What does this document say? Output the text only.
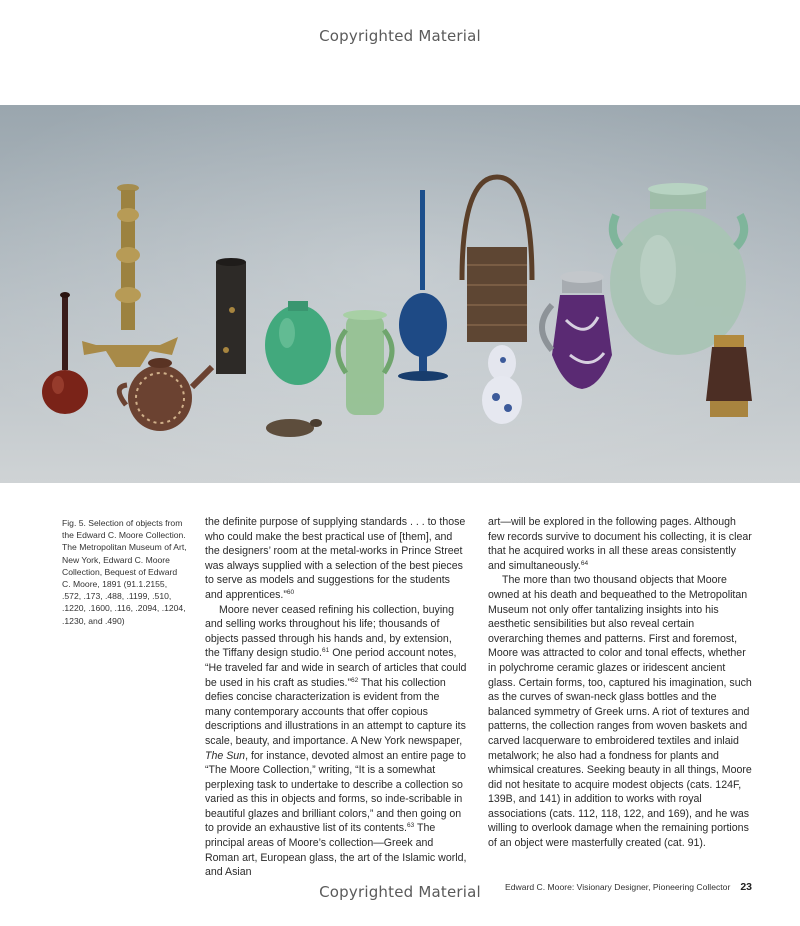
Copyrighted Material
Fig. 5. Selection of objects from the Edward C. Moore Collection. The Metropolitan Museum of Art, New York, Edward C. Moore Collection, Bequest of Edward C. Moore, 1891 (91.1.2155, .572, .173, .488, .1199, .510, .1220, .1600, .116, .2094, .1204, .1230, and .490)

the definite purpose of supplying standards . . . to those who could make the best practical use of [them], and the designers’ room at the metal-works in Prince Street was always supplied with a selection of the best pieces to serve as models and suggestions for the students and apprentices.”$^{60}$

Moore never ceased refining his collection, buying and selling works throughout his life; thousands of objects passed through his hands and, by extension, the Tiffany design studio.$^{61}$ One period account notes, “He traveled far and wide in search of articles that could be used in his craft as studies.”$^{62}$ That his collection defies concise characterization is evident from the many contemporary accounts that offer copious descriptions and illustrations in an attempt to capture its scale, beauty, and importance. A New York newspaper, The Sun, for instance, devoted almost an entire page to “The Moore Collection,” writing, “It is a somewhat perplexing task to undertake to describe a collection so varied as this in objects and forms, so inde-scribable in beautiful glazes and brilliant colors,” and then going on to provide an exhaustive list of its contents.$^{63}$ The principal areas of Moore’s collection—Greek and Roman art, European glass, the art of the Islamic world, and Asian

art—will be explored in the following pages. Although few records survive to document his collecting, it is clear that he acquired works in all these areas consistently and simultaneously.$^{64}$

The more than two thousand objects that Moore owned at his death and bequeathed to the Metropolitan Museum not only offer tantalizing insights into his aesthetic sensibilities but also reveal certain overarching themes and patterns. First and foremost, Moore was attracted to color and tonal effects, whether in polychrome ceramic glazes or iridescent ancient glass. Certain forms, too, captured his imagination, such as the curves of swan-neck glass bottles and the balanced symmetry of Greek urns. A riot of textures and patterns, the collection ranges from woven baskets and carved lacquerware to embroidered textiles and inlaid metalwork; he also had a fondness for plants and whimsical creatures. Seeking beauty in all things, Moore did not hesitate to acquire modest objects (cats. 124F, 139B, and 141) in addition to works with royal associations (cats. 112, 118, 122, and 169), and he was willing to overlook damage when the remaining portions of an object were masterfully created (cat. 91).

Copyrighted Material	Edward C. Moore: Visionary Designer, Pioneering Collector 23
